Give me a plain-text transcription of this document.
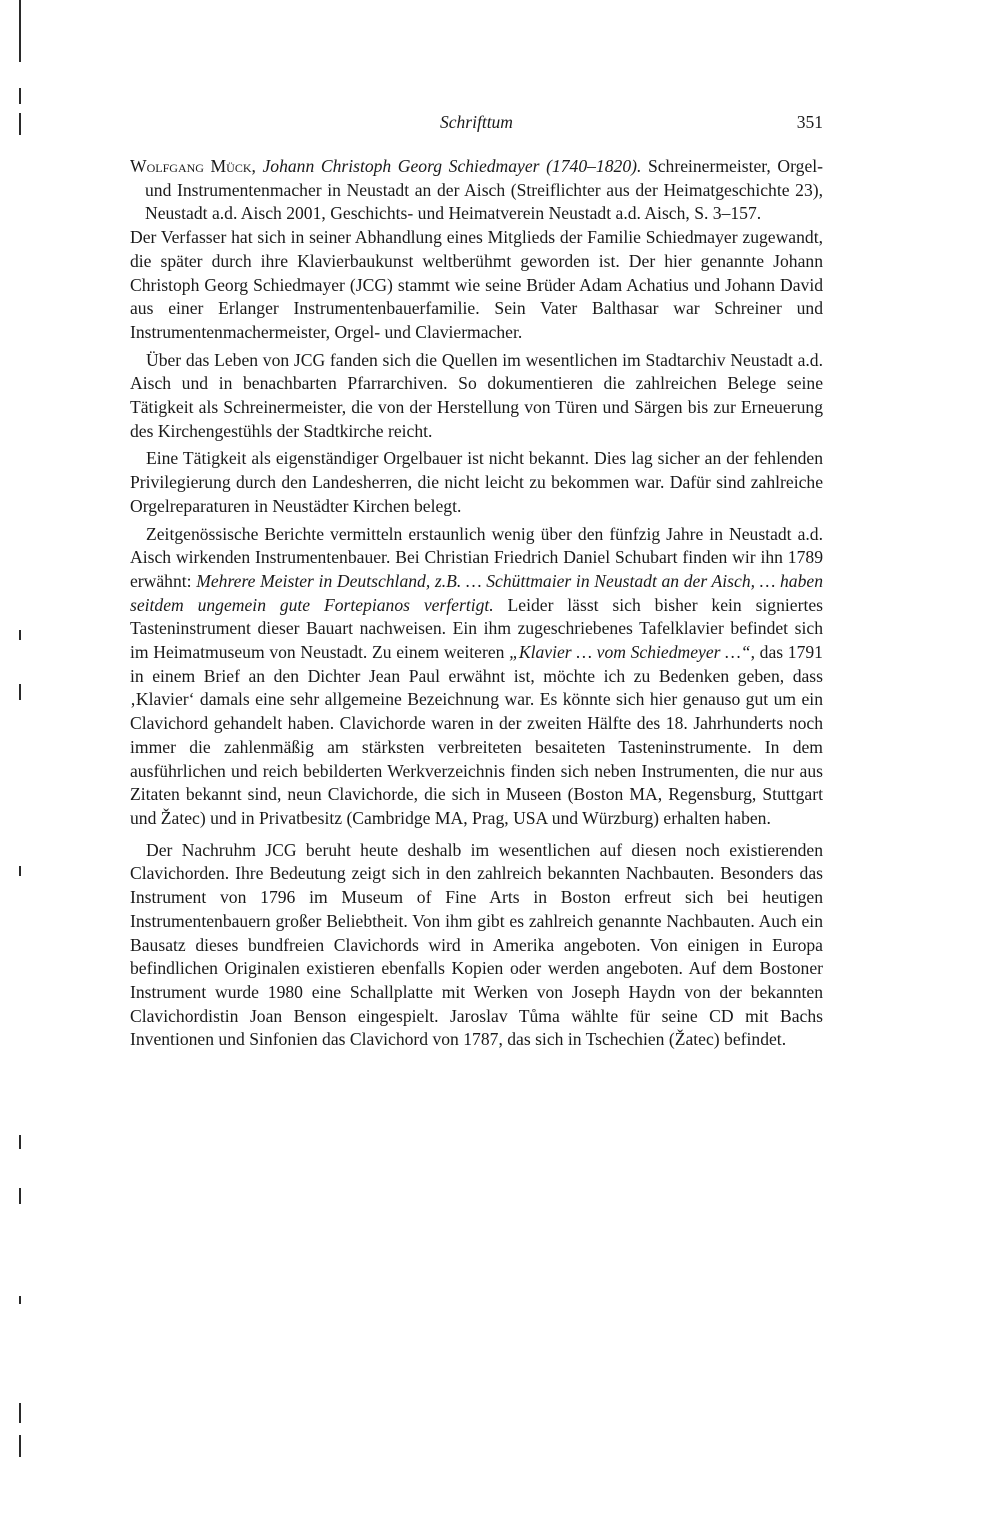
Schrifttum	351
Wolfgang Mück, Johann Christoph Georg Schiedmayer (1740–1820). Schreinermeister, Orgel- und Instrumentenmacher in Neustadt an der Aisch (Streiflichter aus der Heimatgeschichte 23), Neustadt a.d. Aisch 2001, Geschichts- und Heimatverein Neustadt a.d. Aisch, S. 3–157.

Der Verfasser hat sich in seiner Abhandlung eines Mitglieds der Familie Schiedmayer zugewandt, die später durch ihre Klavierbaukunst weltberühmt geworden ist. Der hier genannte Johann Christoph Georg Schiedmayer (JCG) stammt wie seine Brüder Adam Achatius und Johann David aus einer Erlanger Instrumentenbauerfamilie. Sein Vater Balthasar war Schreiner und Instrumentenmachermeister, Orgel- und Claviermacher.

Über das Leben von JCG fanden sich die Quellen im wesentlichen im Stadtarchiv Neustadt a.d. Aisch und in benachbarten Pfarrarchiven. So dokumentieren die zahlreichen Belege seine Tätigkeit als Schreinermeister, die von der Herstellung von Türen und Särgen bis zur Erneuerung des Kirchengestühls der Stadtkirche reicht.

Eine Tätigkeit als eigenständiger Orgelbauer ist nicht bekannt. Dies lag sicher an der fehlenden Privilegierung durch den Landesherren, die nicht leicht zu bekommen war. Dafür sind zahlreiche Orgelreparaturen in Neustädter Kirchen belegt.

Zeitgenössische Berichte vermitteln erstaunlich wenig über den fünfzig Jahre in Neustadt a.d. Aisch wirkenden Instrumentenbauer. Bei Christian Friedrich Daniel Schubart finden wir ihn 1789 erwähnt: Mehrere Meister in Deutschland, z.B. … Schüttmaier in Neustadt an der Aisch, … haben seitdem ungemein gute Fortepianos verfertigt. Leider lässt sich bisher kein signiertes Tasteninstrument dieser Bauart nachweisen. Ein ihm zugeschriebenes Tafelklavier befindet sich im Heimatmuseum von Neustadt. Zu einem weiteren „Klavier … vom Schiedmeyer …“, das 1791 in einem Brief an den Dichter Jean Paul erwähnt ist, möchte ich zu Bedenken geben, dass ‚Klavier‘ damals eine sehr allgemeine Bezeichnung war. Es könnte sich hier genauso gut um ein Clavichord gehandelt haben. Clavichorde waren in der zweiten Hälfte des 18. Jahrhunderts noch immer die zahlenmäßig am stärksten verbreiteten besaiteten Tasteninstrumente. In dem ausführlichen und reich bebilderten Werkverzeichnis finden sich neben Instrumenten, die nur aus Zitaten bekannt sind, neun Clavichorde, die sich in Museen (Boston MA, Regensburg, Stuttgart und Žatec) und in Privatbesitz (Cambridge MA, Prag, USA und Würzburg) erhalten haben.

Der Nachruhm JCG beruht heute deshalb im wesentlichen auf diesen noch existierenden Clavichorden. Ihre Bedeutung zeigt sich in den zahlreich bekannten Nachbauten. Besonders das Instrument von 1796 im Museum of Fine Arts in Boston erfreut sich bei heutigen Instrumentenbauern großer Beliebtheit. Von ihm gibt es zahlreich genannte Nachbauten. Auch ein Bausatz dieses bundfreien Clavichords wird in Amerika angeboten. Von einigen in Europa befindlichen Originalen existieren ebenfalls Kopien oder werden angeboten. Auf dem Bostoner Instrument wurde 1980 eine Schallplatte mit Werken von Joseph Haydn von der bekannten Clavichordistin Joan Benson eingespielt. Jaroslav Tůma wählte für seine CD mit Bachs Inventionen und Sinfonien das Clavichord von 1787, das sich in Tschechien (Žatec) befindet.
